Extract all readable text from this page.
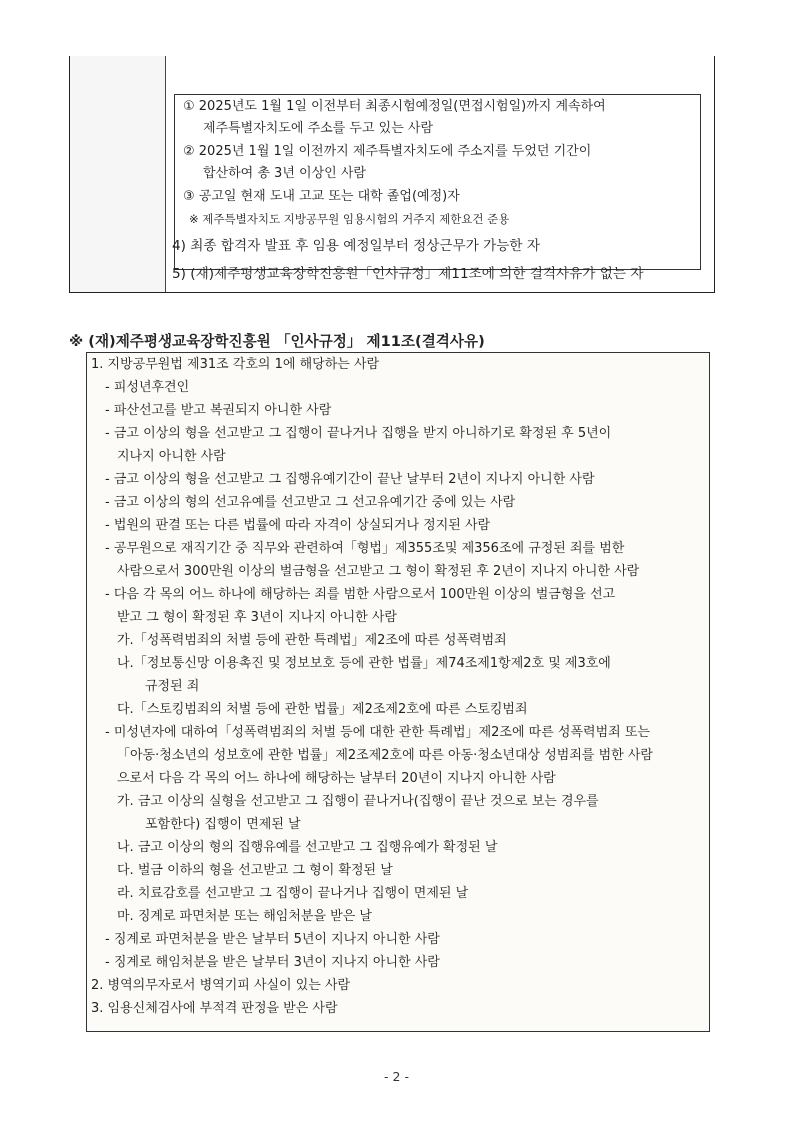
① 2025년도 1월 1일 이전부터 최종시험예정일(면접시험일)까지 계속하여
제주특별자치도에 주소를 두고 있는 사람
② 2025년 1월 1일 이전까지 제주특별자치도에 주소지를 두었던 기간이
합산하여 총 3년 이상인 사람
③ 공고일 현재 도내 고교 또는 대학 졸업(예정)자
※ 제주특별자치도 지방공무원 임용시험의 거주지 제한요건 준용
4) 최종 합격자 발표 후 임용 예정일부터 정상근무가 가능한 자
5) (재)제주평생교육장학진흥원「인사규정」제11조에 의한 결격사유가 없는 자
※ (재)제주평생교육장학진흥원 「인사규정」 제11조(결격사유)
1. 지방공무원법 제31조 각호의 1에 해당하는 사람
- 피성년후견인
- 파산선고를 받고 복권되지 아니한 사람
- 금고 이상의 형을 선고받고 그 집행이 끝나거나 집행을 받지 아니하기로 확정된 후 5년이
지나지 아니한 사람
- 금고 이상의 형을 선고받고 그 집행유예기간이 끝난 날부터 2년이 지나지 아니한 사람
- 금고 이상의 형의 선고유예를 선고받고 그 선고유예기간 중에 있는 사람
- 법원의 판결 또는 다른 법률에 따라 자격이 상실되거나 정지된 사람
- 공무원으로 재직기간 중 직무와 관련하여「형법」제355조및 제356조에 규정된 죄를 범한
사람으로서 300만원 이상의 벌금형을 선고받고 그 형이 확정된 후 2년이 지나지 아니한 사람
- 다음 각 목의 어느 하나에 해당하는 죄를 범한 사람으로서 100만원 이상의 벌금형을 선고
받고 그 형이 확정된 후 3년이 지나지 아니한 사람
가.「성폭력범죄의 처벌 등에 관한 특례법」제2조에 따른 성폭력범죄
나.「정보통신망 이용촉진 및 정보보호 등에 관한 법률」제74조제1항제2호 및 제3호에
규정된 죄
다.「스토킹범죄의 처벌 등에 관한 법률」제2조제2호에 따른 스토킹범죄
- 미성년자에 대하여「성폭력범죄의 처벌 등에 대한 관한 특례법」제2조에 따른 성폭력범죄 또는
「아동·청소년의 성보호에 관한 법률」제2조제2호에 따른 아동·청소년대상 성범죄를 범한 사람
으로서 다음 각 목의 어느 하나에 해당하는 날부터 20년이 지나지 아니한 사람
가. 금고 이상의 실형을 선고받고 그 집행이 끝나거나(집행이 끝난 것으로 보는 경우를
포함한다) 집행이 면제된 날
나. 금고 이상의 형의 집행유예를 선고받고 그 집행유예가 확정된 날
다. 벌금 이하의 형을 선고받고 그 형이 확정된 날
라. 치료감호를 선고받고 그 집행이 끝나거나 집행이 면제된 날
마. 징계로 파면처분 또는 해임처분을 받은 날
- 징계로 파면처분을 받은 날부터 5년이 지나지 아니한 사람
- 징계로 해임처분을 받은 날부터 3년이 지나지 아니한 사람
2. 병역의무자로서 병역기피 사실이 있는 사람
3. 임용신체검사에 부적격 판정을 받은 사람
- 2 -
